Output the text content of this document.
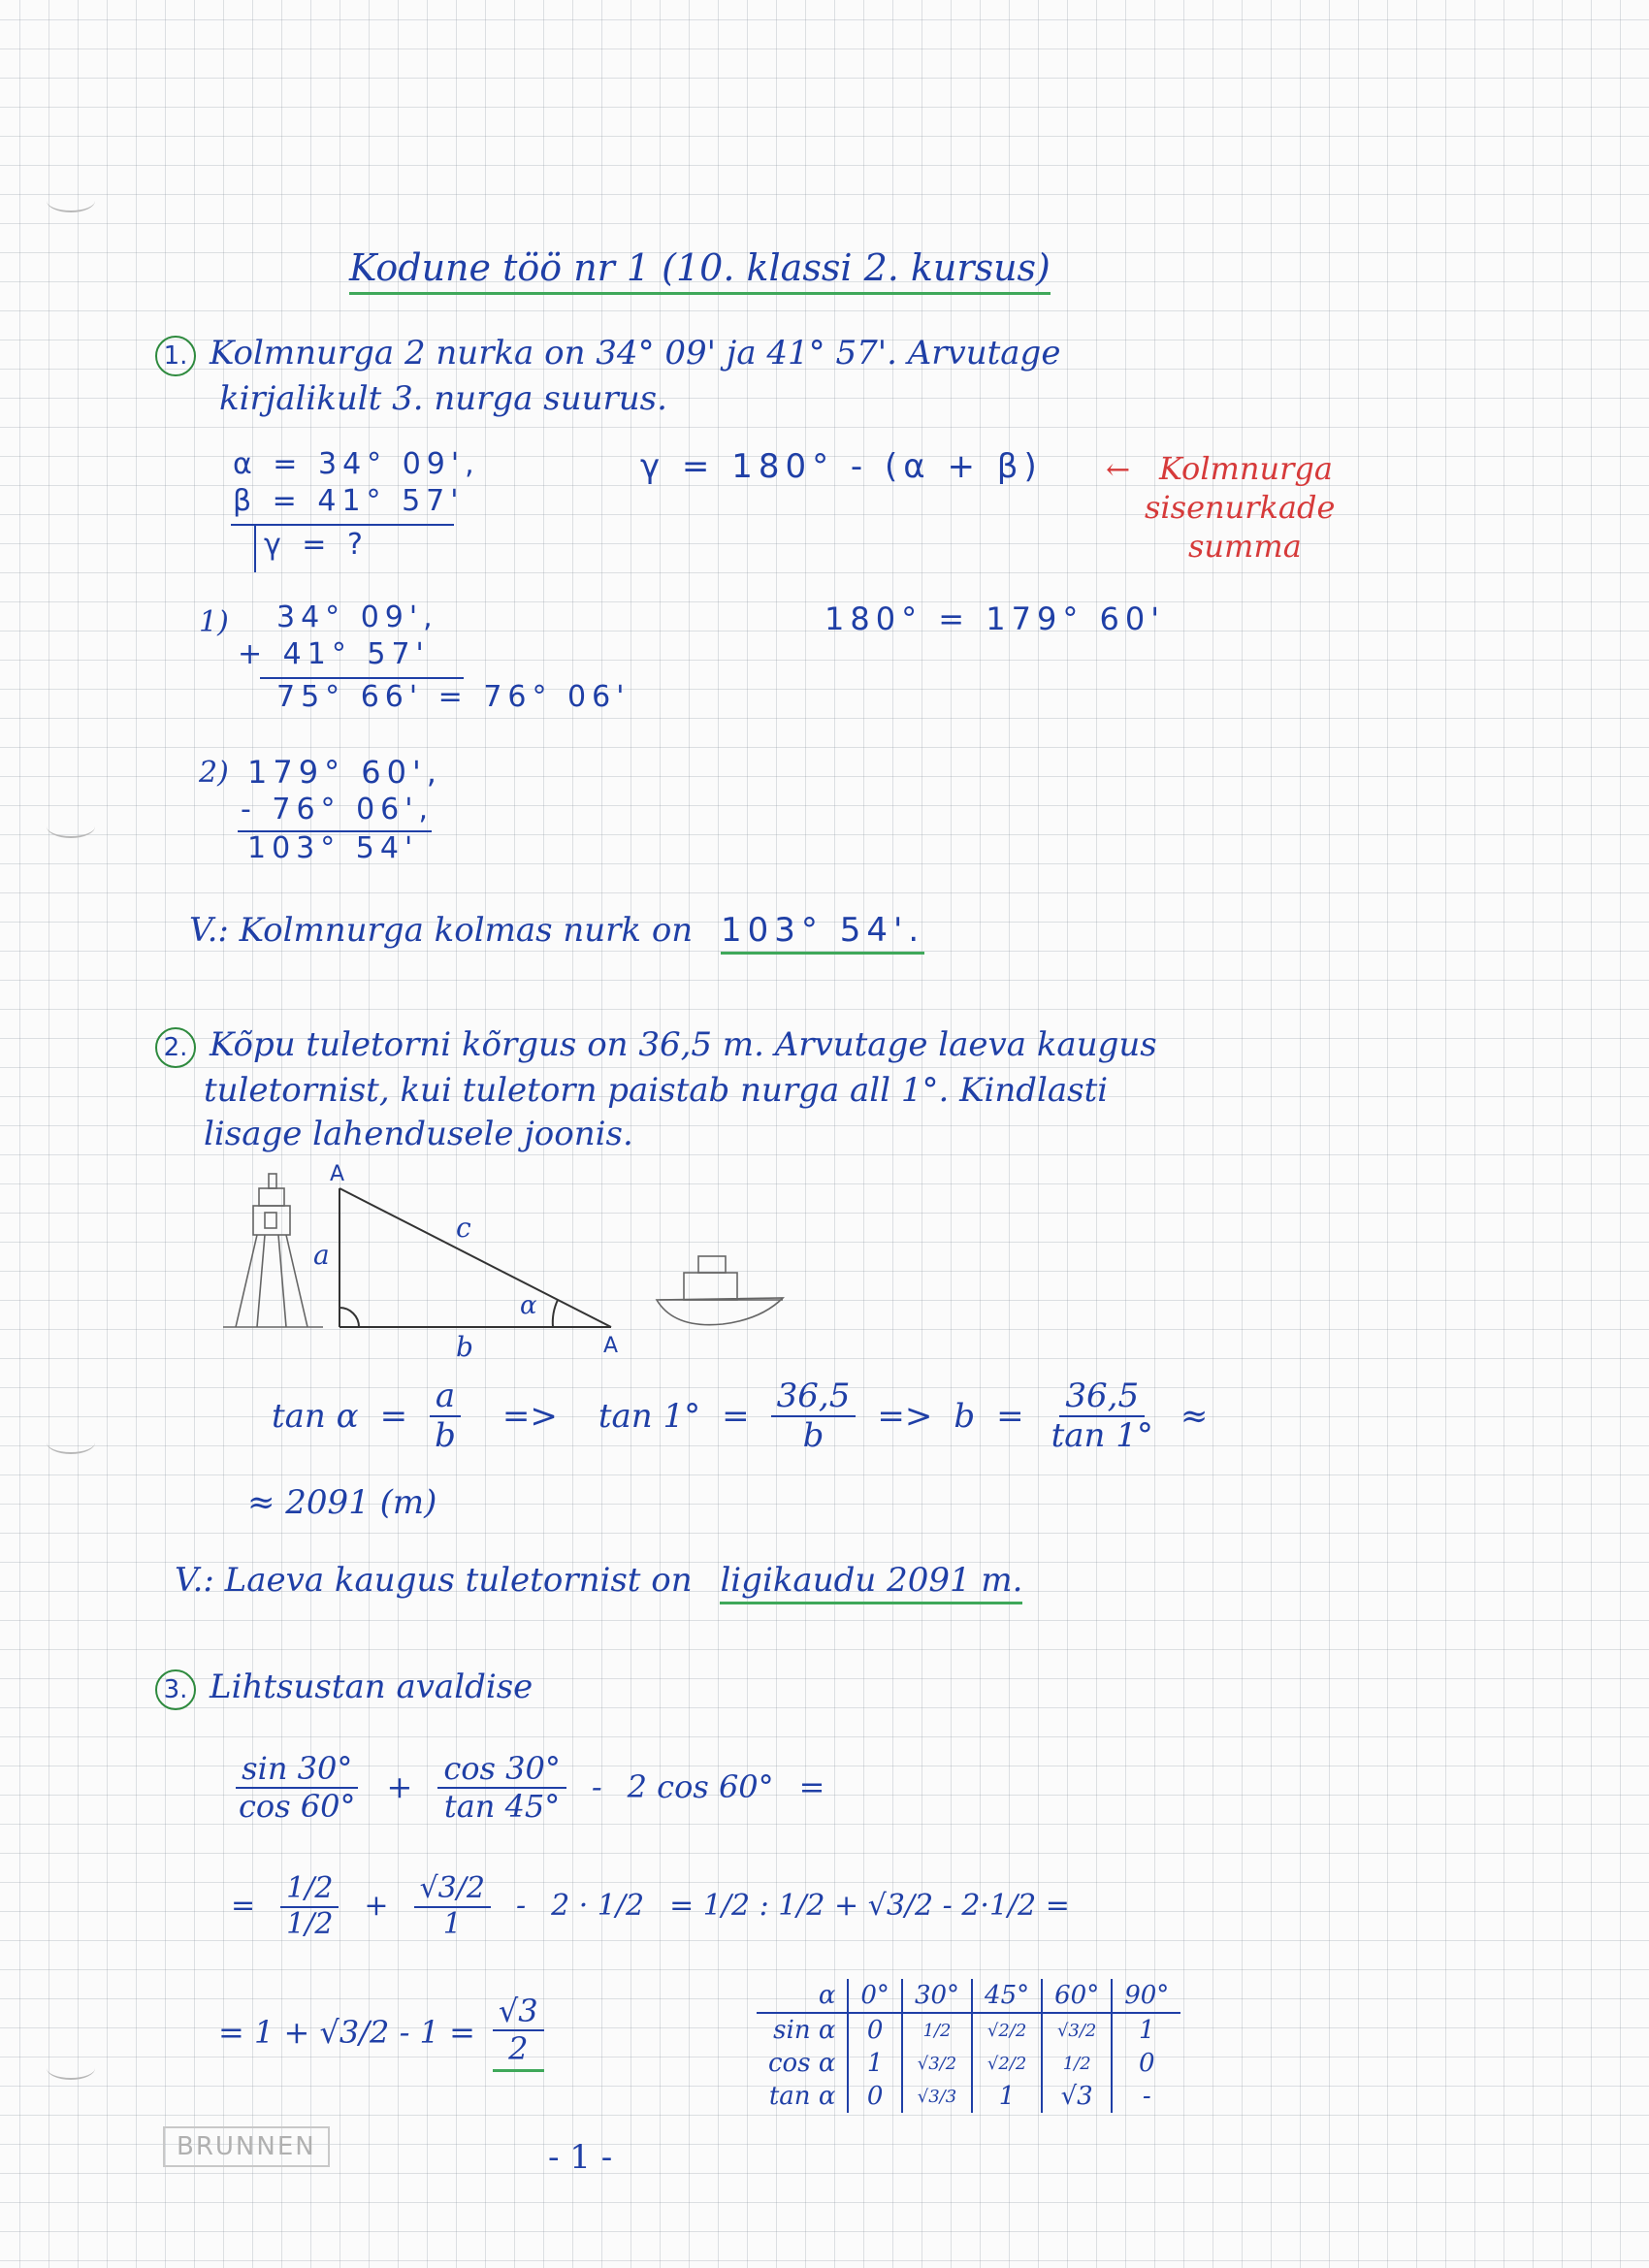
Kodune töö nr 1 (10. klassi 2. kursus)
1. Kolmnurga 2 nurka on 34° 09' ja 41° 57'. Arvutage
kirjalikult 3. nurga suurus.
α = 34° 09',
β = 41° 57'
γ = ?
γ = 180° - (α + β) ← Kolmnurga
sisenurkade
summa
1) 34° 09',
+ 41° 57'
75° 66' = 76° 06'
180° = 179° 60'
2) 179° 60',
- 76° 06',
103° 54'
V.: Kolmnurga kolmas nurk on 103° 54'.
2. Kõpu tuletorni kõrgus on 36,5 m. Arvutage laeva kaugus
tuletornist, kui tuletorn paistab nurga all 1°. Kindlasti
lisage lahendusele joonis.
A
a
c
α
b	A
$\tan \alpha = \frac{a}{b} => \tan 1^\circ = \frac{36,5}{b} => b = \frac{36,5}{\tan 1^\circ}$ ≈
≈ 2091 (m)
V.: Laeva kaugus tuletornist on ligikaudu 2091 m.
3. Lihtsustan avaldise
$\frac{\sin 30^\circ}{\cos 60^\circ} + \frac{\cos 30^\circ}{\tan 45^\circ} - 2$ cos 60° =
= $\frac{1/2}{1/2} + \frac{√3/2}{1} - 2 \cdot 1/2 = 1/2$ : 1/2 + √3/2 - 2·1/2 =
= $1 + √3/2 - 1 = \frac{√3}{2}$	α	0°	30°	45°	60°	90°
sin α	0	1/2	√2/2	√3/2	1
cos α	1	√3/2	√2/2	1/2	0
tan α	0	√3/3	1	√3	-
BRUNNEN	- 1 -
